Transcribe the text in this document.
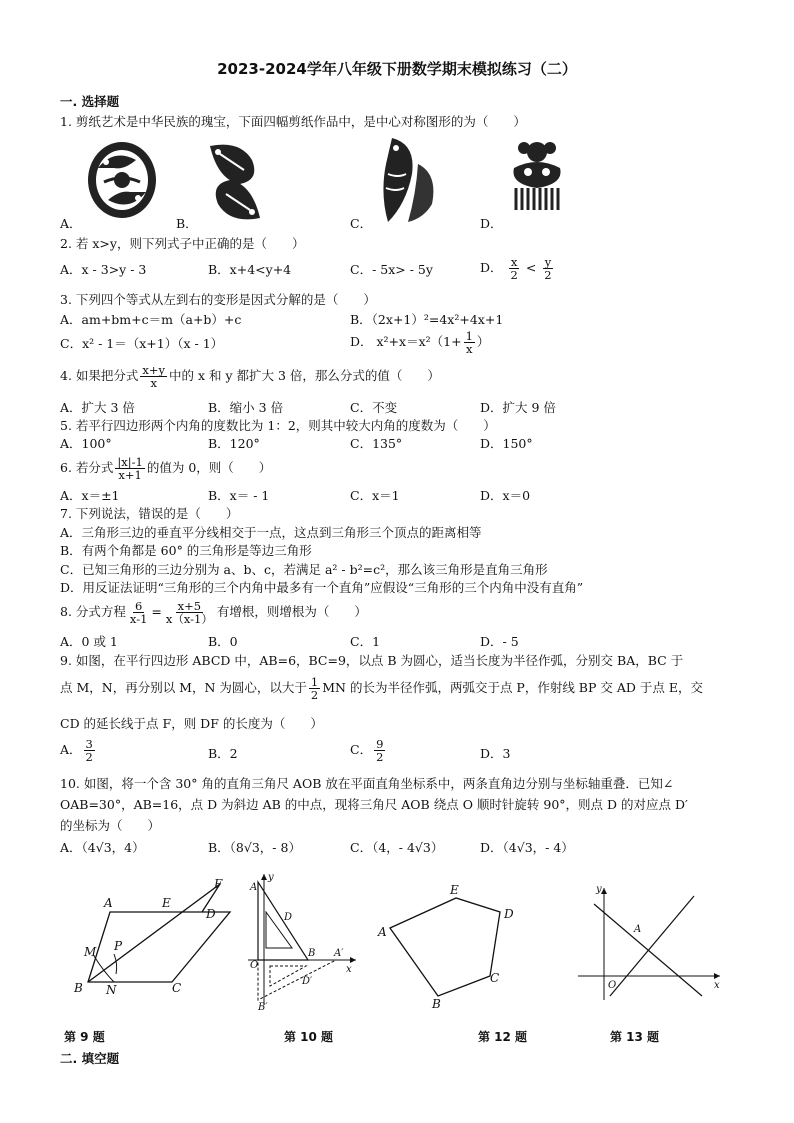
2023-2024学年八年级下册数学期末模拟练习（二）
一. 选择题
1. 剪纸艺术是中华民族的瑰宝，下面四幅剪纸作品中，是中心对称图形的为（　　）
A．	B．	C．	D．
2. 若 x>y，则下列式子中正确的是（　　）
A．x - 3>y - 3	B．x+4<y+4	C．- 5x> - 5y	D． $\frac{x}{2} < \frac{y}{2}$
3. 下列四个等式从左到右的变形是因式分解的是（　　）
A．am+bm+c＝m（a+b）+c	B．（2x+1）²=4x²+4x+1
C．x² - 1＝（x+1）（x - 1）	D． $x^2+x=x^2(1+ \frac{1}{x}$ ）
4. 如果把分式 $\frac{x+y}{x}$ 中的 x 和 y 都扩大 3 倍，那么分式的值（　　）
A．扩大 3 倍	B．缩小 3 倍	C．不变	D．扩大 9 倍
5. 若平行四边形两个内角的度数比为 1：2，则其中较大内角的度数为（　　）
A．100°	B．120°	C．135°	D．150°
6. 若分式 $\frac{|x|-1}{x+1}$ 的值为 0，则（　　）
A．x＝±1	B．x＝ - 1	C．x＝1	D．x＝0
7. 下列说法，错误的是（　　）
A．三角形三边的垂直平分线相交于一点，这点到三角形三个顶点的距离相等
B．有两个角都是 60° 的三角形是等边三角形
C．已知三角形的三边分别为 a、b、c，若满足 a² - b²=c²，那么该三角形是直角三角形
D．用反证法证明“三角形的三个内角中最多有一个直角”应假设“三角形的三个内角中没有直角”
8. 分式方程 $\frac{6}{x-1} = \frac{x+5}{x(x-1)}$ 有增根，则增根为（　　）
A．0 或 1	B．0	C．1	D．- 5
9. 如图，在平行四边形 ABCD 中，AB=6，BC=9，以点 B 为圆心，适当长度为半径作弧，分别交 BA，BC 于
点 M，N，再分别以 M，N 为圆心，以大于 $\frac{1}{2}$ MN 的长为半径作弧，两弧交于点 P，作射线 BP 交 AD 于点 E，交
CD 的延长线于点 F，则 DF 的长度为（　　）
A． $\frac{3}{2}$	B．2	C． $\frac{9}{2}$	D．3
10. 如图，将一个含 30° 角的直角三角尺 AOB 放在平面直角坐标系中，两条直角边分别与坐标轴重叠．已知∠
OAB=30°，AB=16，点 D 为斜边 AB 的中点，现将三角尺 AOB 绕点 O 顺时针旋转 90°，则点 D 的对应点 D′
的坐标为（　　）
A．（4√3，4）	B．（8√3，- 8）	C．（4，- 4√3）	D．（4√3，- 4）
A	E
F
D
M P
B N	C
y
A
D
O
B A′
x
D′
B′
E
D
A
C
B
y
A
O	x
第 9 题	第 10 题	第 12 题	第 13 题
二. 填空题
